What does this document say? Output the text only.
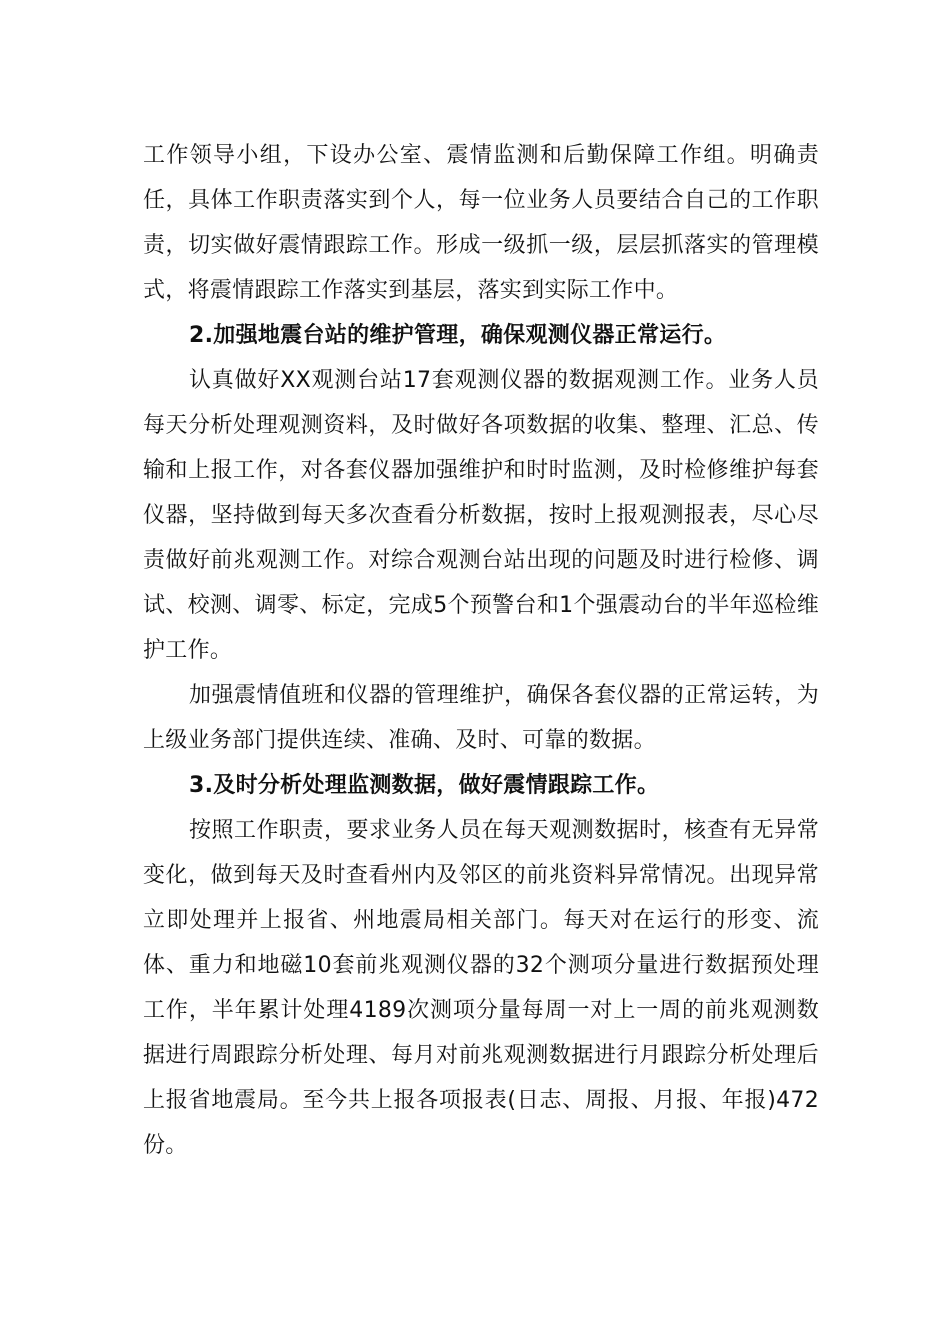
工作领导小组，下设办公室、震情监测和后勤保障工作组。明确责任，具体工作职责落实到个人，每一位业务人员要结合自己的工作职责，切实做好震情跟踪工作。形成一级抓一级，层层抓落实的管理模式，将震情跟踪工作落实到基层，落实到实际工作中。

2.加强地震台站的维护管理，确保观测仪器正常运行。

认真做好XX观测台站17套观测仪器的数据观测工作。业务人员每天分析处理观测资料，及时做好各项数据的收集、整理、汇总、传输和上报工作，对各套仪器加强维护和时时监测，及时检修维护每套仪器，坚持做到每天多次查看分析数据，按时上报观测报表，尽心尽责做好前兆观测工作。对综合观测台站出现的问题及时进行检修、调试、校测、调零、标定，完成5个预警台和1个强震动台的半年巡检维护工作。

加强震情值班和仪器的管理维护，确保各套仪器的正常运转，为上级业务部门提供连续、准确、及时、可靠的数据。

3.及时分析处理监测数据，做好震情跟踪工作。

按照工作职责，要求业务人员在每天观测数据时，核查有无异常变化，做到每天及时查看州内及邻区的前兆资料异常情况。出现异常立即处理并上报省、州地震局相关部门。每天对在运行的形变、流体、重力和地磁10套前兆观测仪器的32个测项分量进行数据预处理工作，半年累计处理4189次测项分量每周一对上一周的前兆观测数据进行周跟踪分析处理、每月对前兆观测数据进行月跟踪分析处理后上报省地震局。至今共上报各项报表(日志、周报、月报、年报)472份。
